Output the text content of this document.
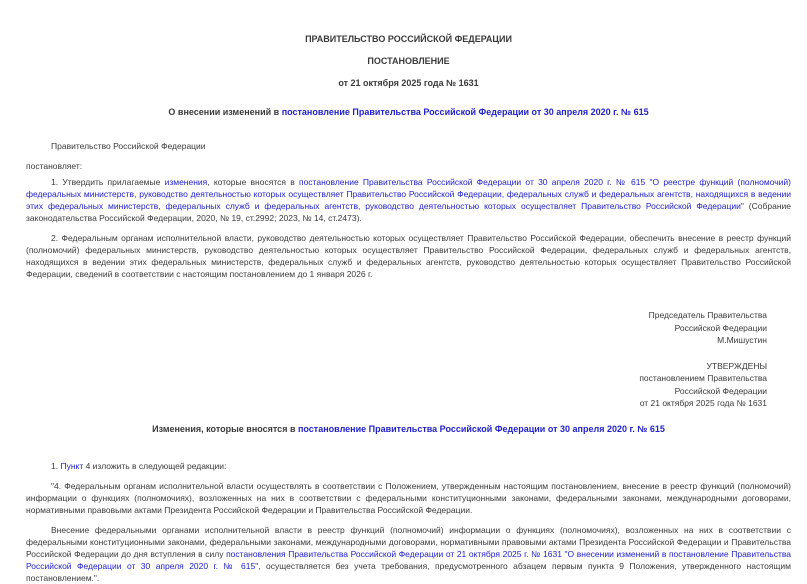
ПРАВИТЕЛЬСТВО РОССИЙСКОЙ ФЕДЕРАЦИИ
ПОСТАНОВЛЕНИЕ
от 21 октября 2025 года № 1631
О внесении изменений в постановление Правительства Российской Федерации от 30 апреля 2020 г. № 615

Правительство Российской Федерации

постановляет:

1. Утвердить прилагаемые изменения, которые вносятся в постановление Правительства Российской Федерации от 30 апреля 2020 г. № 615 "О реестре функций (полномочий) федеральных министерств, руководство деятельностью которых осуществляет Правительство Российской Федерации, федеральных служб и федеральных агентств, находящихся в ведении этих федеральных министерств, федеральных служб и федеральных агентств, руководство деятельностью которых осуществляет Правительство Российской Федерации" (Собрание законодательства Российской Федерации, 2020, № 19, ст.2992; 2023, № 14, ст.2473).

2. Федеральным органам исполнительной власти, руководство деятельностью которых осуществляет Правительство Российской Федерации, обеспечить внесение в реестр функций (полномочий) федеральных министерств, руководство деятельностью которых осуществляет Правительство Российской Федерации, федеральных служб и федеральных агентств, находящихся в ведении этих федеральных министерств, федеральных служб и федеральных агентств, руководство деятельностью которых осуществляет Правительство Российской Федерации, сведений в соответствии с настоящим постановлением до 1 января 2026 г.

Председатель Правительства
Российской Федерации
М.Мишустин
УТВЕРЖДЕНЫ
постановлением Правительства
Российской Федерации
от 21 октября 2025 года № 1631
Изменения, которые вносятся в постановление Правительства Российской Федерации от 30 апреля 2020 г. № 615

1. Пункт 4 изложить в следующей редакции:

"4. Федеральным органам исполнительной власти осуществлять в соответствии с Положением, утвержденным настоящим постановлением, внесение в реестр функций (полномочий) информации о функциях (полномочиях), возложенных на них в соответствии с федеральными конституционными законами, федеральными законами, международными договорами, нормативными правовыми актами Президента Российской Федерации и Правительства Российской Федерации.

Внесение федеральными органами исполнительной власти в реестр функций (полномочий) информации о функциях (полномочиях), возложенных на них в соответствии с федеральными конституционными законами, федеральными законами, международными договорами, нормативными правовыми актами Президента Российской Федерации и Правительства Российской Федерации до дня вступления в силу постановления Правительства Российской Федерации от 21 октября 2025 г. № 1631 "О внесении изменений в постановление Правительства Российской Федерации от 30 апреля 2020 г. № 615", осуществляется без учета требования, предусмотренного абзацем первым пункта 9 Положения, утвержденного настоящим постановлением.".
